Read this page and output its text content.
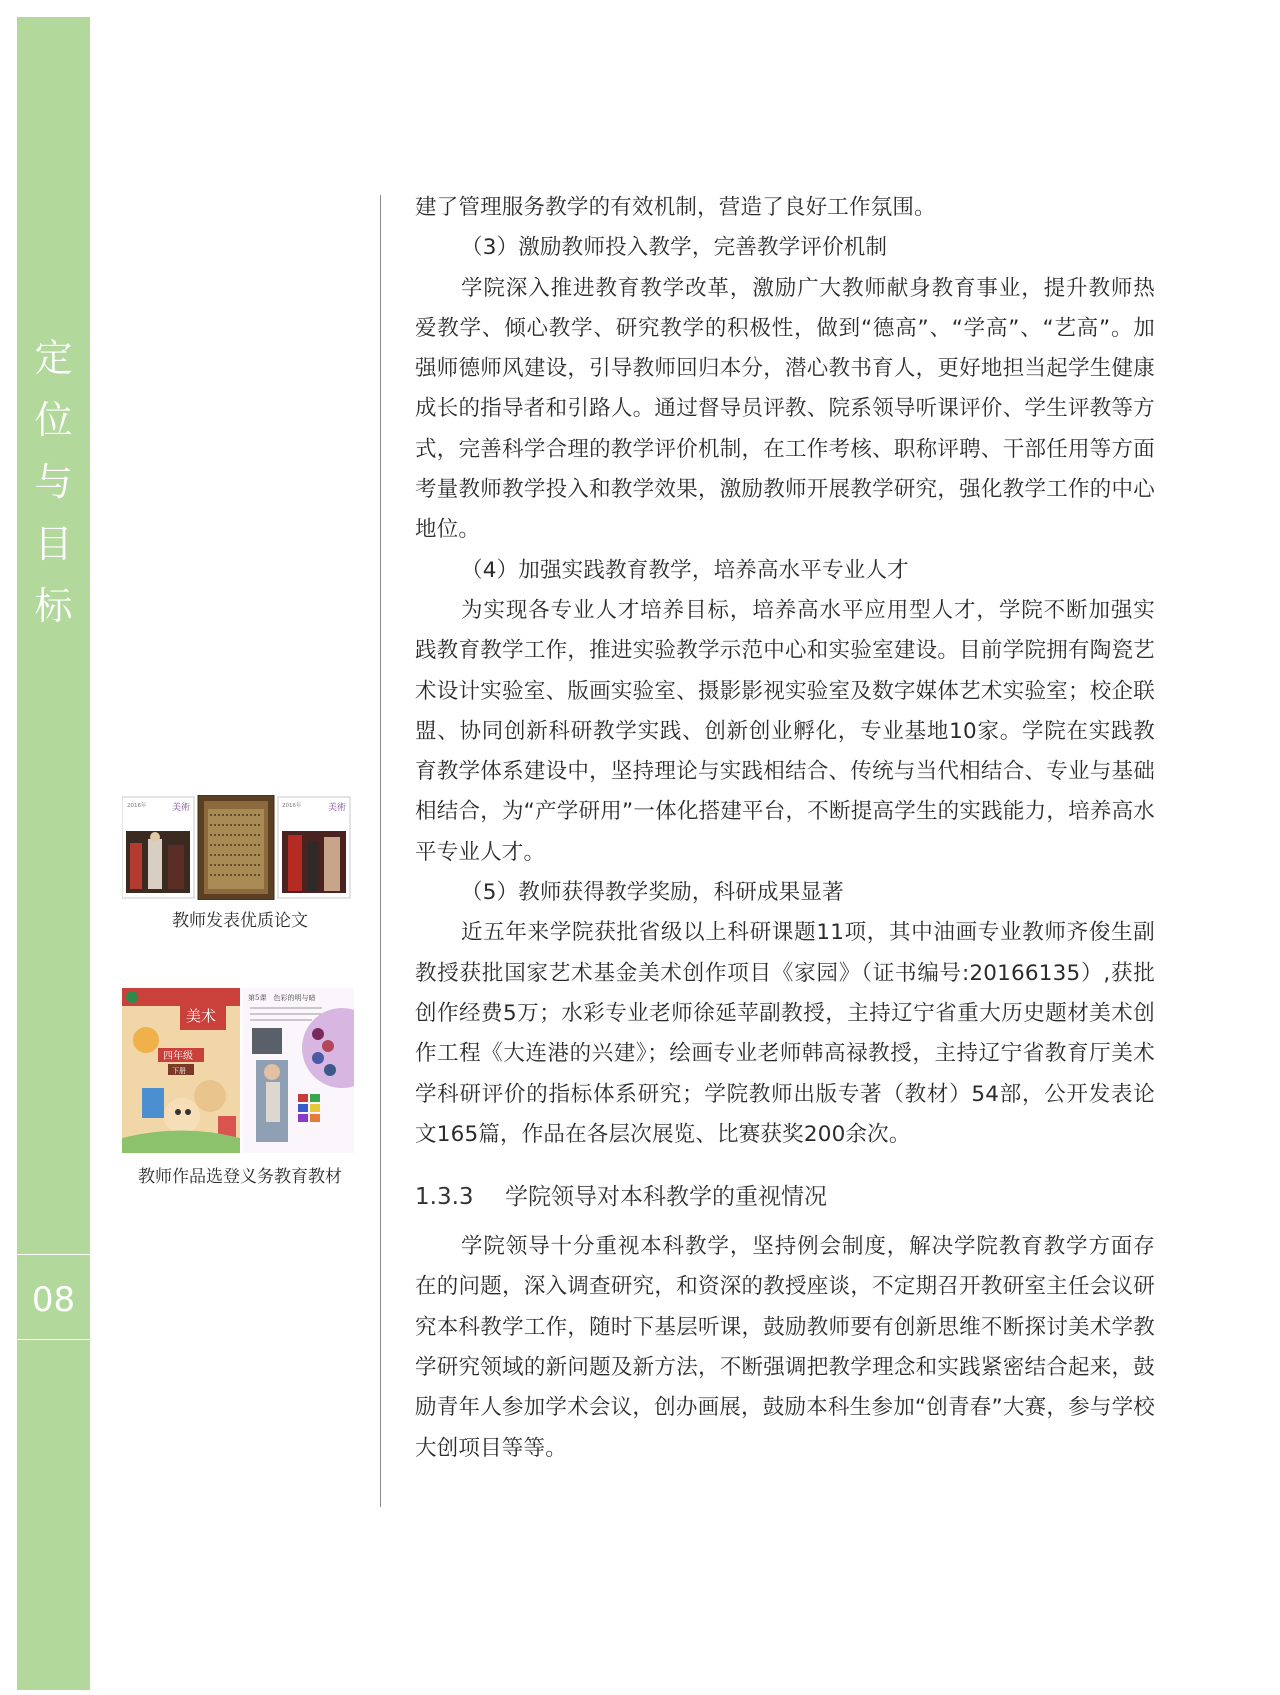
定
位
与
目
标
08
2016年	美術	2016年	美術
教师发表优质论文
美术
四年级
下册
第5课　色彩的明与暗
教师作品选登义务教育教材

建了管理服务教学的有效机制，营造了良好工作氛围。

（3）激励教师投入教学，完善教学评价机制

学院深入推进教育教学改革，激励广大教师献身教育事业，提升教师热爱教学、倾心教学、研究教学的积极性，做到“德高”、“学高”、“艺高”。加强师德师风建设，引导教师回归本分，潜心教书育人，更好地担当起学生健康成长的指导者和引路人。通过督导员评教、院系领导听课评价、学生评教等方式，完善科学合理的教学评价机制，在工作考核、职称评聘、干部任用等方面考量教师教学投入和教学效果，激励教师开展教学研究，强化教学工作的中心地位。

（4）加强实践教育教学，培养高水平专业人才

为实现各专业人才培养目标，培养高水平应用型人才，学院不断加强实践教育教学工作，推进实验教学示范中心和实验室建设。目前学院拥有陶瓷艺术设计实验室、版画实验室、摄影影视实验室及数字媒体艺术实验室；校企联盟、协同创新科研教学实践、创新创业孵化，专业基地10家。学院在实践教育教学体系建设中，坚持理论与实践相结合、传统与当代相结合、专业与基础相结合，为“产学研用”一体化搭建平台，不断提高学生的实践能力，培养高水平专业人才。

（5）教师获得教学奖励，科研成果显著

近五年来学院获批省级以上科研课题11项，其中油画专业教师齐俊生副教授获批国家艺术基金美术创作项目《家园》（证书编号:20166135）,获批创作经费5万；水彩专业老师徐延苹副教授，主持辽宁省重大历史题材美术创作工程《大连港的兴建》；绘画专业老师韩高禄教授，主持辽宁省教育厅美术学科研评价的指标体系研究；学院教师出版专著（教材）54部，公开发表论文165篇，作品在各层次展览、比赛获奖200余次。

1.3.3 学院领导对本科教学的重视情况

学院领导十分重视本科教学，坚持例会制度，解决学院教育教学方面存在的问题，深入调查研究，和资深的教授座谈，不定期召开教研室主任会议研究本科教学工作，随时下基层听课，鼓励教师要有创新思维不断探讨美术学教学研究领域的新问题及新方法，不断强调把教学理念和实践紧密结合起来，鼓励青年人参加学术会议，创办画展，鼓励本科生参加“创青春”大赛，参与学校大创项目等等。
